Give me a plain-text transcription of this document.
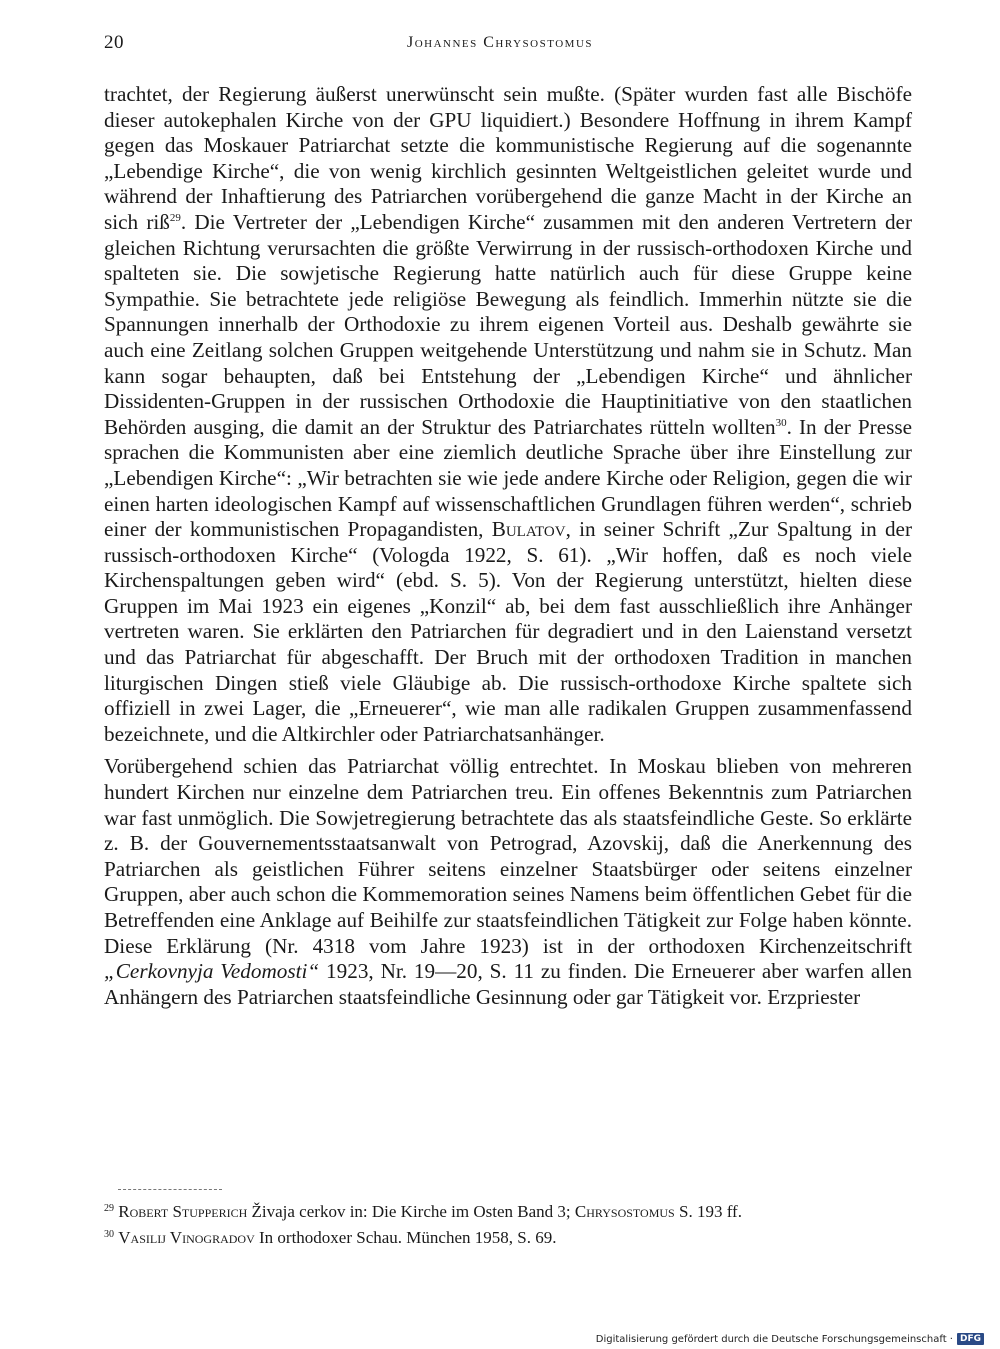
20	Johannes Chrysostomus

trachtet, der Regierung äußerst unerwünscht sein mußte. (Später wurden fast alle Bischöfe dieser autokephalen Kirche von der GPU liquidiert.) Besondere Hoffnung in ihrem Kampf gegen das Moskauer Patriarchat setzte die kommunistische Regierung auf die sogenannte „Lebendige Kirche“, die von wenig kirchlich gesinnten Weltgeistlichen geleitet wurde und während der Inhaftierung des Patriarchen vorübergehend die ganze Macht in der Kirche an sich riß$^{29}$. Die Vertreter der „Lebendigen Kirche“ zusammen mit den anderen Vertretern der gleichen Richtung verursachten die größte Verwirrung in der russisch-orthodoxen Kirche und spalteten sie. Die sowjetische Regierung hatte natürlich auch für diese Gruppe keine Sympathie. Sie betrachtete jede religiöse Bewegung als feindlich. Immerhin nützte sie die Spannungen innerhalb der Orthodoxie zu ihrem eigenen Vorteil aus. Deshalb gewährte sie auch eine Zeitlang solchen Gruppen weitgehende Unterstützung und nahm sie in Schutz. Man kann sogar behaupten, daß bei Entstehung der „Lebendigen Kirche“ und ähnlicher Dissidenten-Gruppen in der russischen Orthodoxie die Hauptinitiative von den staatlichen Behörden ausging, die damit an der Struktur des Patriarchates rütteln wollten$^{30}$. In der Presse sprachen die Kommunisten aber eine ziemlich deutliche Sprache über ihre Einstellung zur „Lebendigen Kirche“: „Wir betrachten sie wie jede andere Kirche oder Religion, gegen die wir einen harten ideologischen Kampf auf wissenschaftlichen Grundlagen führen werden“, schrieb einer der kommunistischen Propagandisten, Bulatov, in seiner Schrift „Zur Spaltung in der russisch-orthodoxen Kirche“ (Vologda 1922, S. 61). „Wir hoffen, daß es noch viele Kirchenspaltungen geben wird“ (ebd. S. 5). Von der Regierung unterstützt, hielten diese Gruppen im Mai 1923 ein eigenes „Konzil“ ab, bei dem fast ausschließlich ihre Anhänger vertreten waren. Sie erklärten den Patriarchen für degradiert und in den Laienstand versetzt und das Patriarchat für abgeschafft. Der Bruch mit der orthodoxen Tradition in manchen liturgischen Dingen stieß viele Gläubige ab. Die russisch-orthodoxe Kirche spaltete sich offiziell in zwei Lager, die „Erneuerer“, wie man alle radikalen Gruppen zusammenfassend bezeichnete, und die Altkirchler oder Patriarchatsanhänger.

Vorübergehend schien das Patriarchat völlig entrechtet. In Moskau blieben von mehreren hundert Kirchen nur einzelne dem Patriarchen treu. Ein offenes Bekenntnis zum Patriarchen war fast unmöglich. Die Sowjetregierung betrachtete das als staatsfeindliche Geste. So erklärte z. B. der Gouvernementsstaatsanwalt von Petrograd, Azovskij, daß die Anerkennung des Patriarchen als geistlichen Führer seitens einzelner Staatsbürger oder seitens einzelner Gruppen, aber auch schon die Kommemoration seines Namens beim öffentlichen Gebet für die Betreffenden eine Anklage auf Beihilfe zur staatsfeindlichen Tätigkeit zur Folge haben könnte. Diese Erklärung (Nr. 4318 vom Jahre 1923) ist in der orthodoxen Kirchenzeitschrift „Cerkovnyja Vedomosti“ 1923, Nr. 19—20, S. 11 zu finden. Die Erneuerer aber warfen allen Anhängern des Patriarchen staatsfeindliche Gesinnung oder gar Tätigkeit vor. Erzpriester

$^{29}$ Robert Stupperich Živaja cerkov in: Die Kirche im Osten Band 3; Chrysostomus S. 193 ff.

$^{30}$ Vasilij Vinogradov In orthodoxer Schau. München 1958, S. 69.

Digitalisierung gefördert durch die Deutsche Forschungsgemeinschaft · DFG
